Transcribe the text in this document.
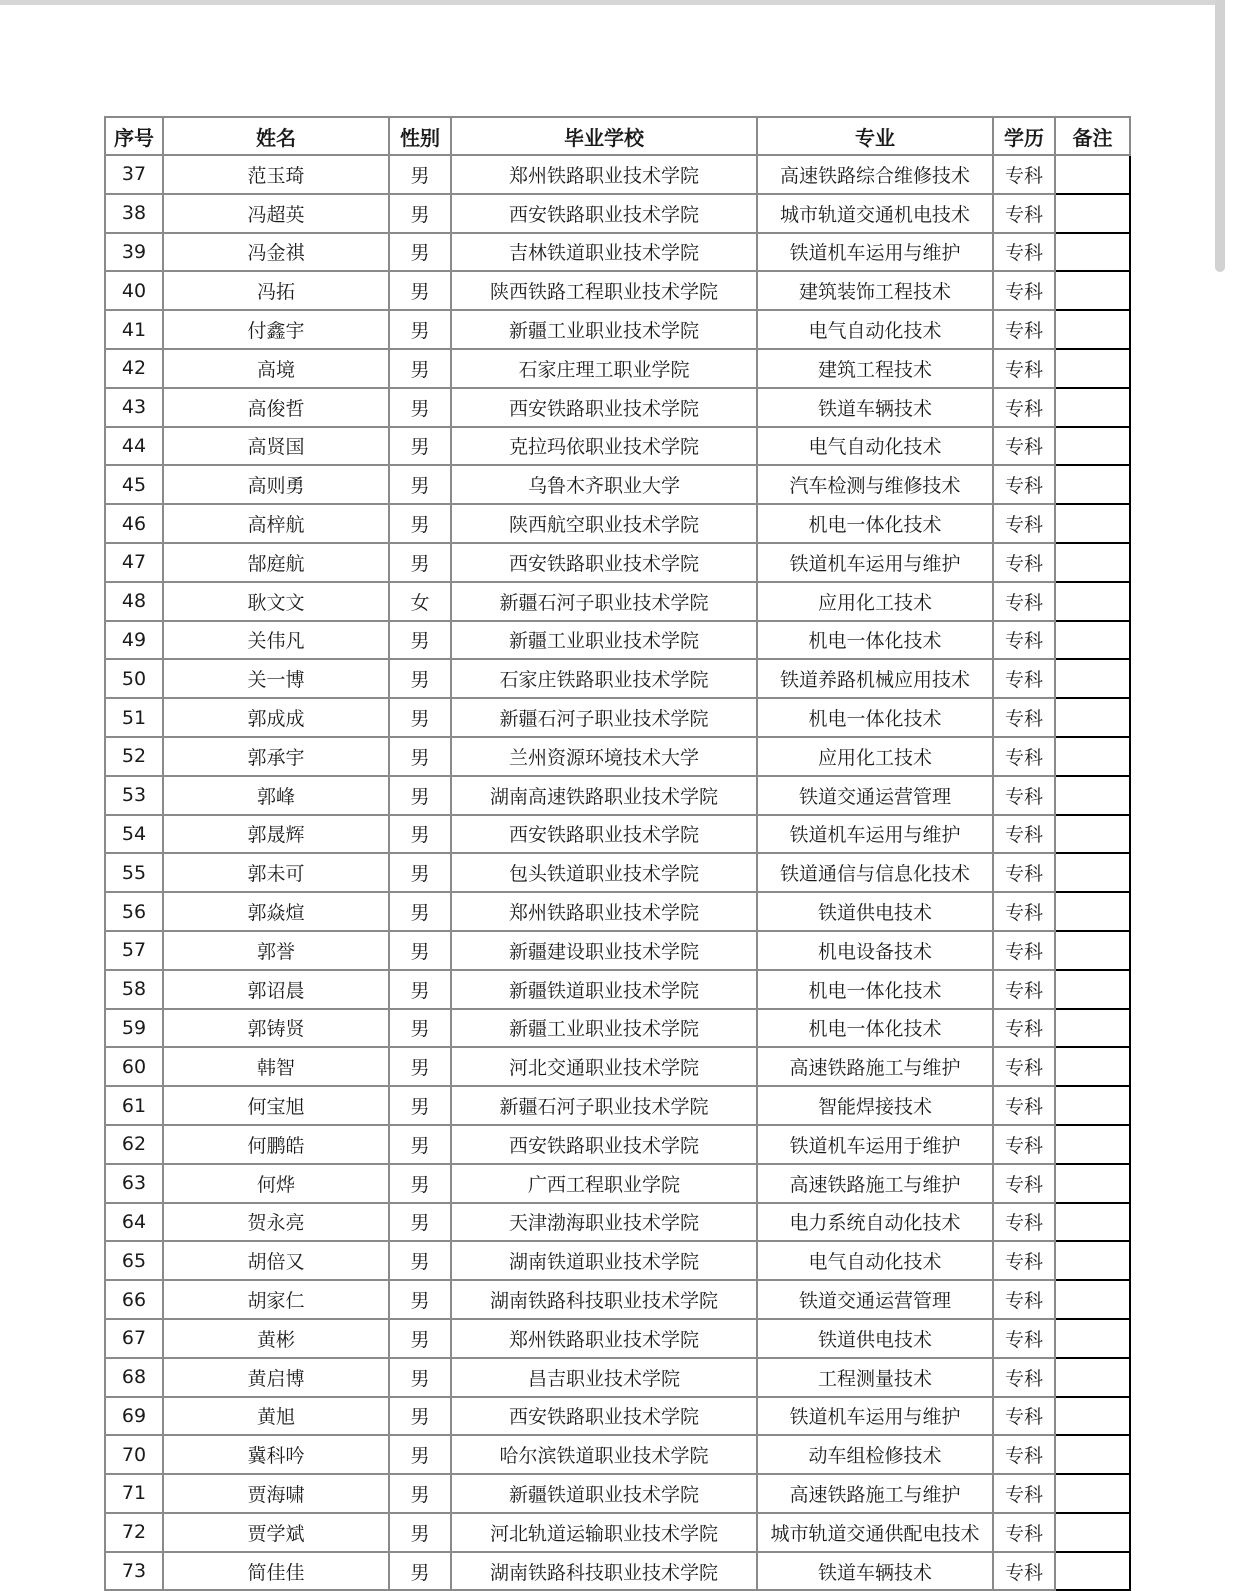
序号	姓名	性别	毕业学校	专业	学历	备注
37	范玉琦	男	郑州铁路职业技术学院	高速铁路综合维修技术	专科	
38	冯超英	男	西安铁路职业技术学院	城市轨道交通机电技术	专科	
39	冯金祺	男	吉林铁道职业技术学院	铁道机车运用与维护	专科	
40	冯拓	男	陕西铁路工程职业技术学院	建筑装饰工程技术	专科	
41	付鑫宇	男	新疆工业职业技术学院	电气自动化技术	专科	
42	高境	男	石家庄理工职业学院	建筑工程技术	专科	
43	高俊哲	男	西安铁路职业技术学院	铁道车辆技术	专科	
44	高贤国	男	克拉玛依职业技术学院	电气自动化技术	专科	
45	高则勇	男	乌鲁木齐职业大学	汽车检测与维修技术	专科	
46	高梓航	男	陕西航空职业技术学院	机电一体化技术	专科	
47	郜庭航	男	西安铁路职业技术学院	铁道机车运用与维护	专科	
48	耿文文	女	新疆石河子职业技术学院	应用化工技术	专科	
49	关伟凡	男	新疆工业职业技术学院	机电一体化技术	专科	
50	关一博	男	石家庄铁路职业技术学院	铁道养路机械应用技术	专科	
51	郭成成	男	新疆石河子职业技术学院	机电一体化技术	专科	
52	郭承宇	男	兰州资源环境技术大学	应用化工技术	专科	
53	郭峰	男	湖南高速铁路职业技术学院	铁道交通运营管理	专科	
54	郭晟辉	男	西安铁路职业技术学院	铁道机车运用与维护	专科	
55	郭未可	男	包头铁道职业技术学院	铁道通信与信息化技术	专科	
56	郭焱煊	男	郑州铁路职业技术学院	铁道供电技术	专科	
57	郭誉	男	新疆建设职业技术学院	机电设备技术	专科	
58	郭诏晨	男	新疆铁道职业技术学院	机电一体化技术	专科	
59	郭铸贤	男	新疆工业职业技术学院	机电一体化技术	专科	
60	韩智	男	河北交通职业技术学院	高速铁路施工与维护	专科	
61	何宝旭	男	新疆石河子职业技术学院	智能焊接技术	专科	
62	何鹏皓	男	西安铁路职业技术学院	铁道机车运用于维护	专科	
63	何烨	男	广西工程职业学院	高速铁路施工与维护	专科	
64	贺永亮	男	天津渤海职业技术学院	电力系统自动化技术	专科	
65	胡倍又	男	湖南铁道职业技术学院	电气自动化技术	专科	
66	胡家仁	男	湖南铁路科技职业技术学院	铁道交通运营管理	专科	
67	黄彬	男	郑州铁路职业技术学院	铁道供电技术	专科	
68	黄启博	男	昌吉职业技术学院	工程测量技术	专科	
69	黄旭	男	西安铁路职业技术学院	铁道机车运用与维护	专科	
70	冀科吟	男	哈尔滨铁道职业技术学院	动车组检修技术	专科	
71	贾海啸	男	新疆铁道职业技术学院	高速铁路施工与维护	专科	
72	贾学斌	男	河北轨道运输职业技术学院	城市轨道交通供配电技术	专科	
73	简佳佳	男	湖南铁路科技职业技术学院	铁道车辆技术	专科	
